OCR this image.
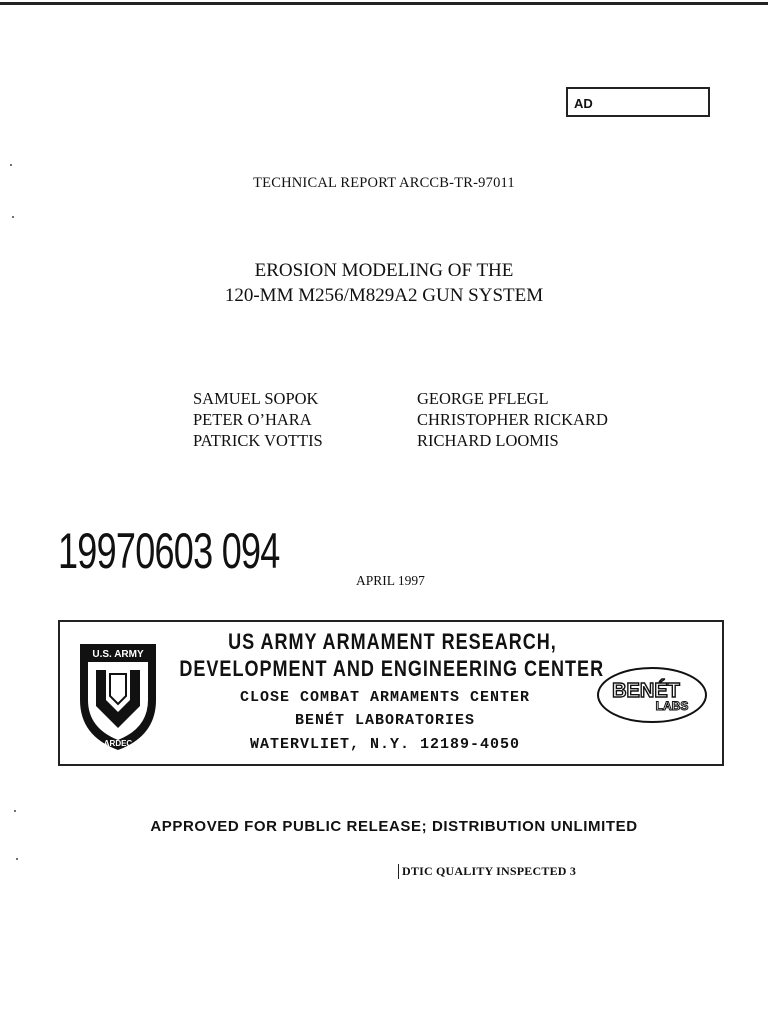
AD
TECHNICAL REPORT ARCCB-TR-97011
EROSION MODELING OF THE
120-MM M256/M829A2 GUN SYSTEM
SAMUEL SOPOK
PETER O’HARA
PATRICK VOTTIS
GEORGE PFLEGL
CHRISTOPHER RICKARD
RICHARD LOOMIS
19970603 094
APRIL 1997
U.S. ARMY
ARDEC
US ARMY ARMAMENT RESEARCH,
DEVELOPMENT AND ENGINEERING CENTER
CLOSE COMBAT ARMAMENTS CENTER
BENÉT LABORATORIES
WATERVLIET, N.Y. 12189-4050
BENÉT
LABS
APPROVED FOR PUBLIC RELEASE; DISTRIBUTION UNLIMITED
DTIC QUALITY INSPECTED 3
